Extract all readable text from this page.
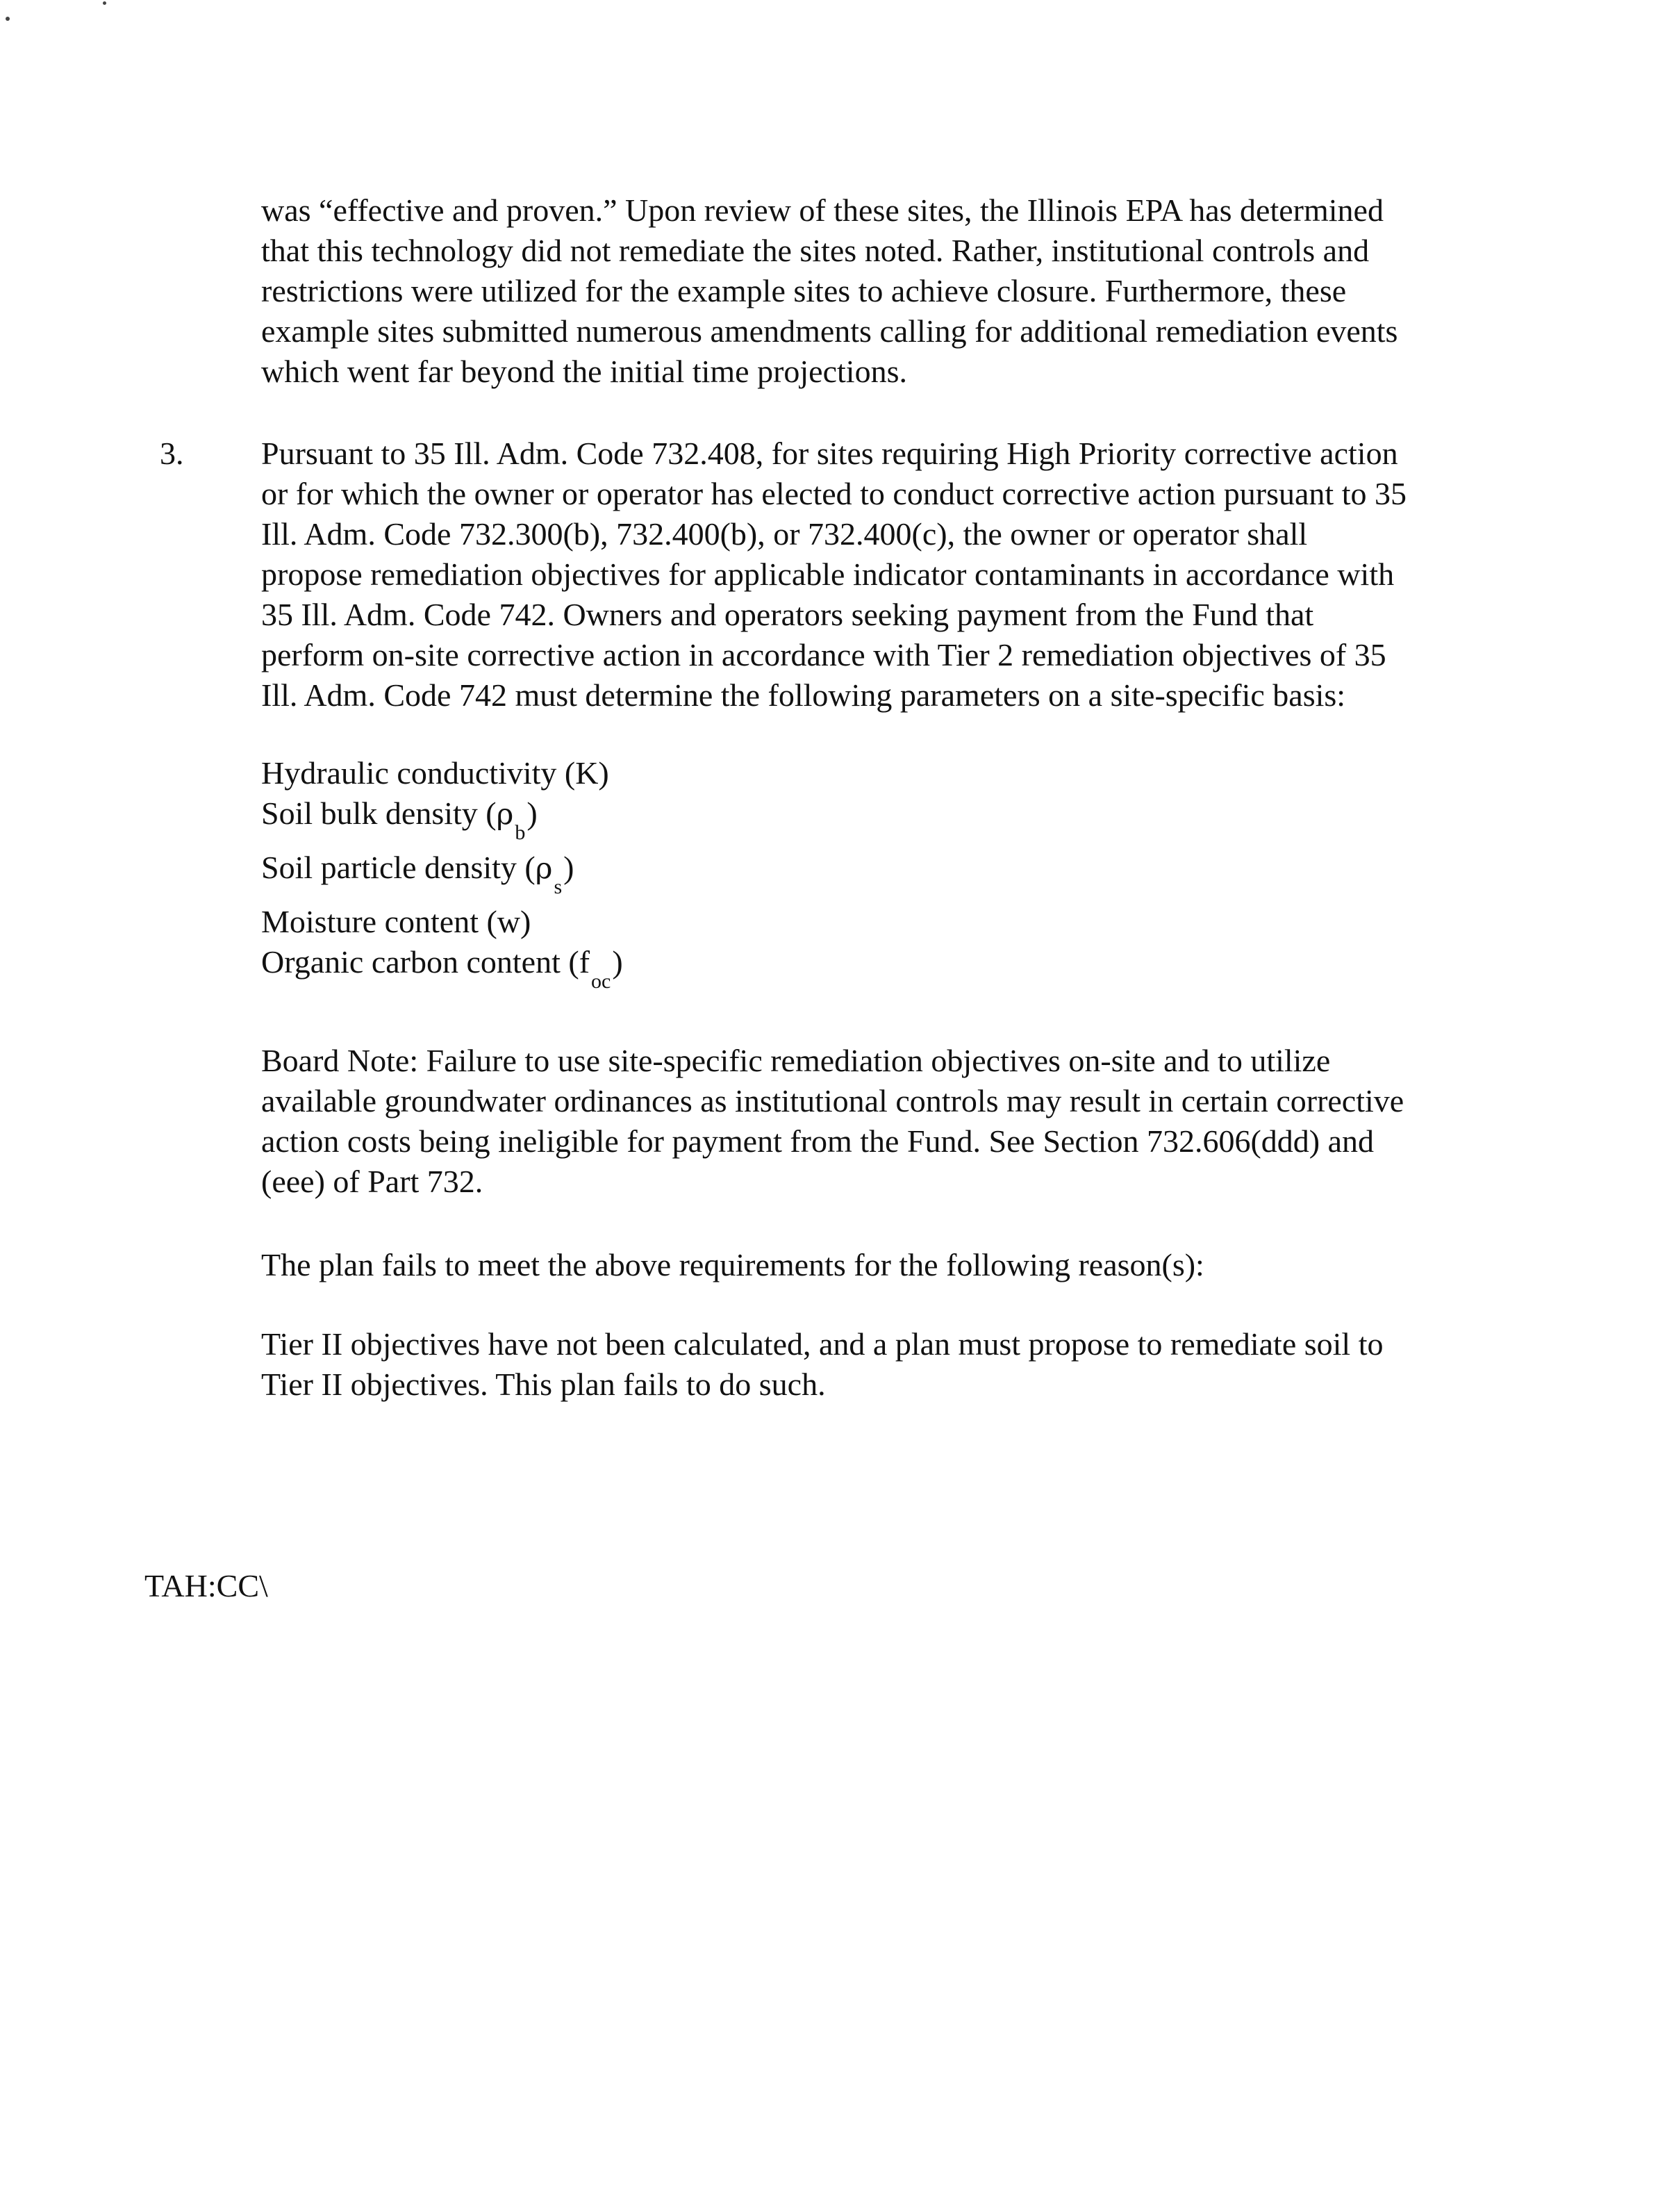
was “effective and proven.” Upon review of these sites, the Illinois EPA has determined
that this technology did not remediate the sites noted. Rather, institutional controls and
restrictions were utilized for the example sites to achieve closure. Furthermore, these
example sites submitted numerous amendments calling for additional remediation events
which went far beyond the initial time projections.

3. Pursuant to 35 Ill. Adm. Code 732.408, for sites requiring High Priority corrective action
or for which the owner or operator has elected to conduct corrective action pursuant to 35
Ill. Adm. Code 732.300(b), 732.400(b), or 732.400(c), the owner or operator shall
propose remediation objectives for applicable indicator contaminants in accordance with
35 Ill. Adm. Code 742. Owners and operators seeking payment from the Fund that
perform on-site corrective action in accordance with Tier 2 remediation objectives of 35
Ill. Adm. Code 742 must determine the following parameters on a site-specific basis:

Hydraulic conductivity (K)
Soil bulk density (ρb)
Soil particle density (ρs)
Moisture content (w)
Organic carbon content (foc)

Board Note: Failure to use site-specific remediation objectives on-site and to utilize
available groundwater ordinances as institutional controls may result in certain corrective
action costs being ineligible for payment from the Fund. See Section 732.606(ddd) and
(eee) of Part 732.

The plan fails to meet the above requirements for the following reason(s):

Tier II objectives have not been calculated, and a plan must propose to remediate soil to
Tier II objectives. This plan fails to do such.

TAH:CC\
